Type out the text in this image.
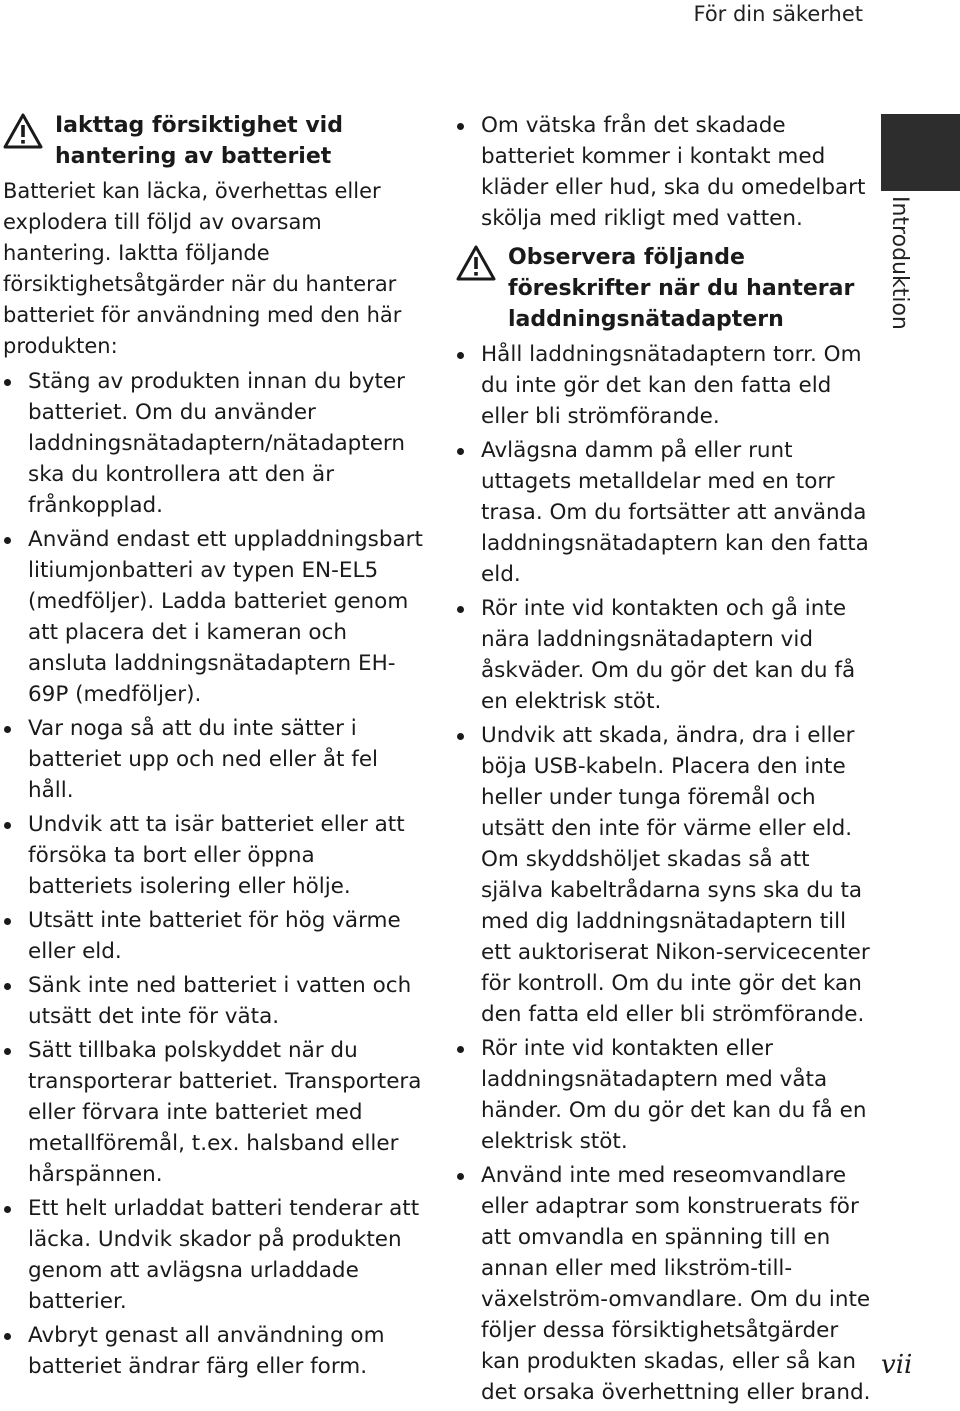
För din säkerhet
Introduktion
Iakttag försiktighet vid hantering av batteriet
Batteriet kan läcka, överhettas eller explodera till följd av ovarsam hantering. Iaktta följande försiktighetsåtgärder när du hanterar batteriet för användning med den här produkten:
Stäng av produkten innan du byter batteriet. Om du använder laddningsnätadaptern/nätadaptern ska du kontrollera att den är frånkopplad.
Använd endast ett uppladdningsbart litiumjonbatteri av typen EN-EL5 (medföljer). Ladda batteriet genom att placera det i kameran och ansluta laddningsnätadaptern EH-69P (medföljer).
Var noga så att du inte sätter i batteriet upp och ned eller åt fel håll.
Undvik att ta isär batteriet eller att försöka ta bort eller öppna batteriets isolering eller hölje.
Utsätt inte batteriet för hög värme eller eld.
Sänk inte ned batteriet i vatten och utsätt det inte för väta.
Sätt tillbaka polskyddet när du transporterar batteriet. Transportera eller förvara inte batteriet med metallföremål, t.ex. halsband eller hårspännen.
Ett helt urladdat batteri tenderar att läcka. Undvik skador på produkten genom att avlägsna urladdade batterier.
Avbryt genast all användning om batteriet ändrar färg eller form.
Om vätska från det skadade batteriet kommer i kontakt med kläder eller hud, ska du omedelbart skölja med rikligt med vatten.
Observera följande föreskrifter när du hanterar laddningsnätadaptern
Håll laddningsnätadaptern torr. Om du inte gör det kan den fatta eld eller bli strömförande.
Avlägsna damm på eller runt uttagets metalldelar med en torr trasa. Om du fortsätter att använda laddningsnätadaptern kan den fatta eld.
Rör inte vid kontakten och gå inte nära laddningsnätadaptern vid åskväder. Om du gör det kan du få en elektrisk stöt.
Undvik att skada, ändra, dra i eller böja USB-kabeln. Placera den inte heller under tunga föremål och utsätt den inte för värme eller eld. Om skyddshöljet skadas så att själva kabeltrådarna syns ska du ta med dig laddningsnätadaptern till ett auktoriserat Nikon-servicecenter för kontroll. Om du inte gör det kan den fatta eld eller bli strömförande.
Rör inte vid kontakten eller laddningsnätadaptern med våta händer. Om du gör det kan du få en elektrisk stöt.
Använd inte med reseomvandlare eller adaptrar som konstruerats för att omvandla en spänning till en annan eller med likström-till-växelström-omvandlare. Om du inte följer dessa försiktighetsåtgärder kan produkten skadas, eller så kan det orsaka överhettning eller brand.
vii
